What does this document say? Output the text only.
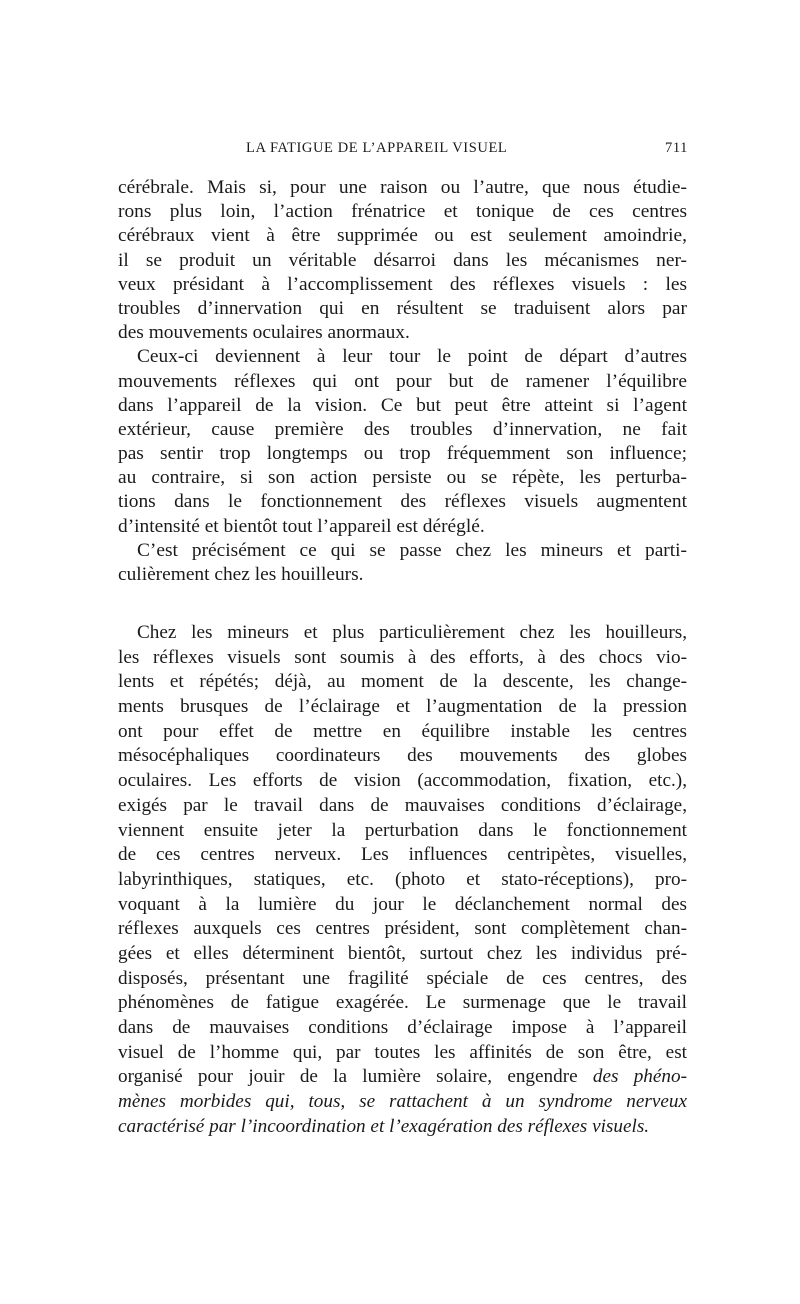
LA FATIGUE DE L’APPAREIL VISUEL	711
cérébrale. Mais si, pour une raison ou l’autre, que nous étudie-
rons plus loin, l’action frénatrice et tonique de ces centres
cérébraux vient à être supprimée ou est seulement amoindrie,
il se produit un véritable désarroi dans les mécanismes ner-
veux présidant à l’accomplissement des réflexes visuels : les
troubles d’innervation qui en résultent se traduisent alors par
des mouvements oculaires anormaux.
Ceux-ci deviennent à leur tour le point de départ d’autres
mouvements réflexes qui ont pour but de ramener l’équilibre
dans l’appareil de la vision. Ce but peut être atteint si l’agent
extérieur, cause première des troubles d’innervation, ne fait
pas sentir trop longtemps ou trop fréquemment son influence;
au contraire, si son action persiste ou se répète, les perturba-
tions dans le fonctionnement des réflexes visuels augmentent
d’intensité et bientôt tout l’appareil est déréglé.
C’est précisément ce qui se passe chez les mineurs et parti-
culièrement chez les houilleurs.
Chez les mineurs et plus particulièrement chez les houilleurs,
les réflexes visuels sont soumis à des efforts, à des chocs vio-
lents et répétés; déjà, au moment de la descente, les change-
ments brusques de l’éclairage et l’augmentation de la pression
ont pour effet de mettre en équilibre instable les centres
mésocéphaliques coordinateurs des mouvements des globes
oculaires. Les efforts de vision (accommodation, fixation, etc.),
exigés par le travail dans de mauvaises conditions d’éclairage,
viennent ensuite jeter la perturbation dans le fonctionnement
de ces centres nerveux. Les influences centripètes, visuelles,
labyrinthiques, statiques, etc. (photo et stato-réceptions), pro-
voquant à la lumière du jour le déclanchement normal des
réflexes auxquels ces centres président, sont complètement chan-
gées et elles déterminent bientôt, surtout chez les individus pré-
disposés, présentant une fragilité spéciale de ces centres, des
phénomènes de fatigue exagérée. Le surmenage que le travail
dans de mauvaises conditions d’éclairage impose à l’appareil
visuel de l’homme qui, par toutes les affinités de son être, est
organisé pour jouir de la lumière solaire, engendre des phéno-
mènes morbides qui, tous, se rattachent à un syndrome nerveux
caractérisé par l’incoordination et l’exagération des réflexes visuels.
